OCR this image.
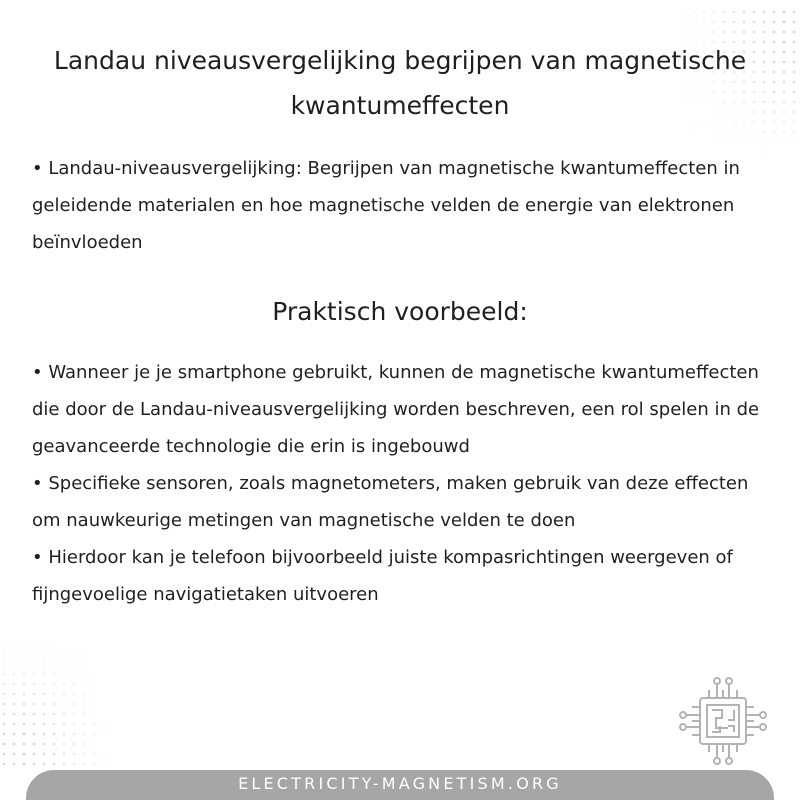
Landau niveausvergelijking begrijpen van magnetische kwantumeffecten

• Landau-niveausvergelijking: Begrijpen van magnetische kwantumeffecten in geleidende materialen en hoe magnetische velden de energie van elektronen beïnvloeden

Praktisch voorbeeld:

• Wanneer je je smartphone gebruikt, kunnen de magnetische kwantumeffecten die door de Landau-niveausvergelijking worden beschreven, een rol spelen in de geavanceerde technologie die erin is ingebouwd

• Specifieke sensoren, zoals magnetometers, maken gebruik van deze effecten om nauwkeurige metingen van magnetische velden te doen

• Hierdoor kan je telefoon bijvoorbeeld juiste kompasrichtingen weergeven of fijngevoelige navigatietaken uitvoeren

ELECTRICITY-MAGNETISM.ORG
